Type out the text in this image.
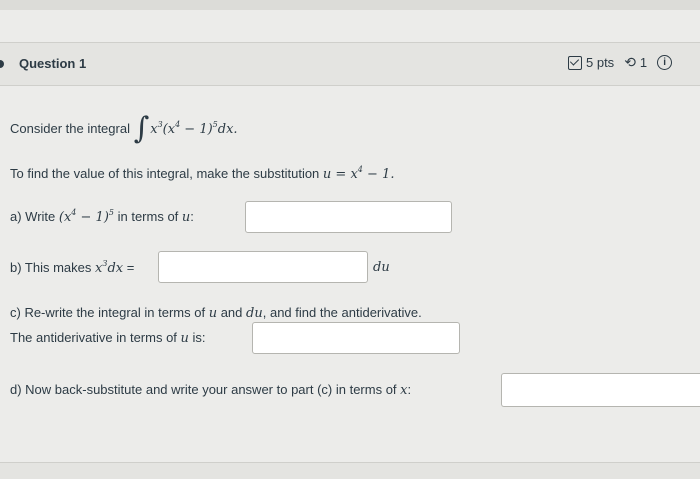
Question 1	5 pts ⟲ 1	i
Consider the integral $\int x^3(x^4 - 1)^5dx$.
To find the value of this integral, make the substitution $u = x^4 - 1$.
a) Write $(x^4 - 1)^5$ in terms of u:
b) This makes $x^3dx$ =	du
c) Re-write the integral in terms of u and du, and find the antiderivative.
The antiderivative in terms of u is:
d) Now back-substitute and write your answer to part (c) in terms of x:
